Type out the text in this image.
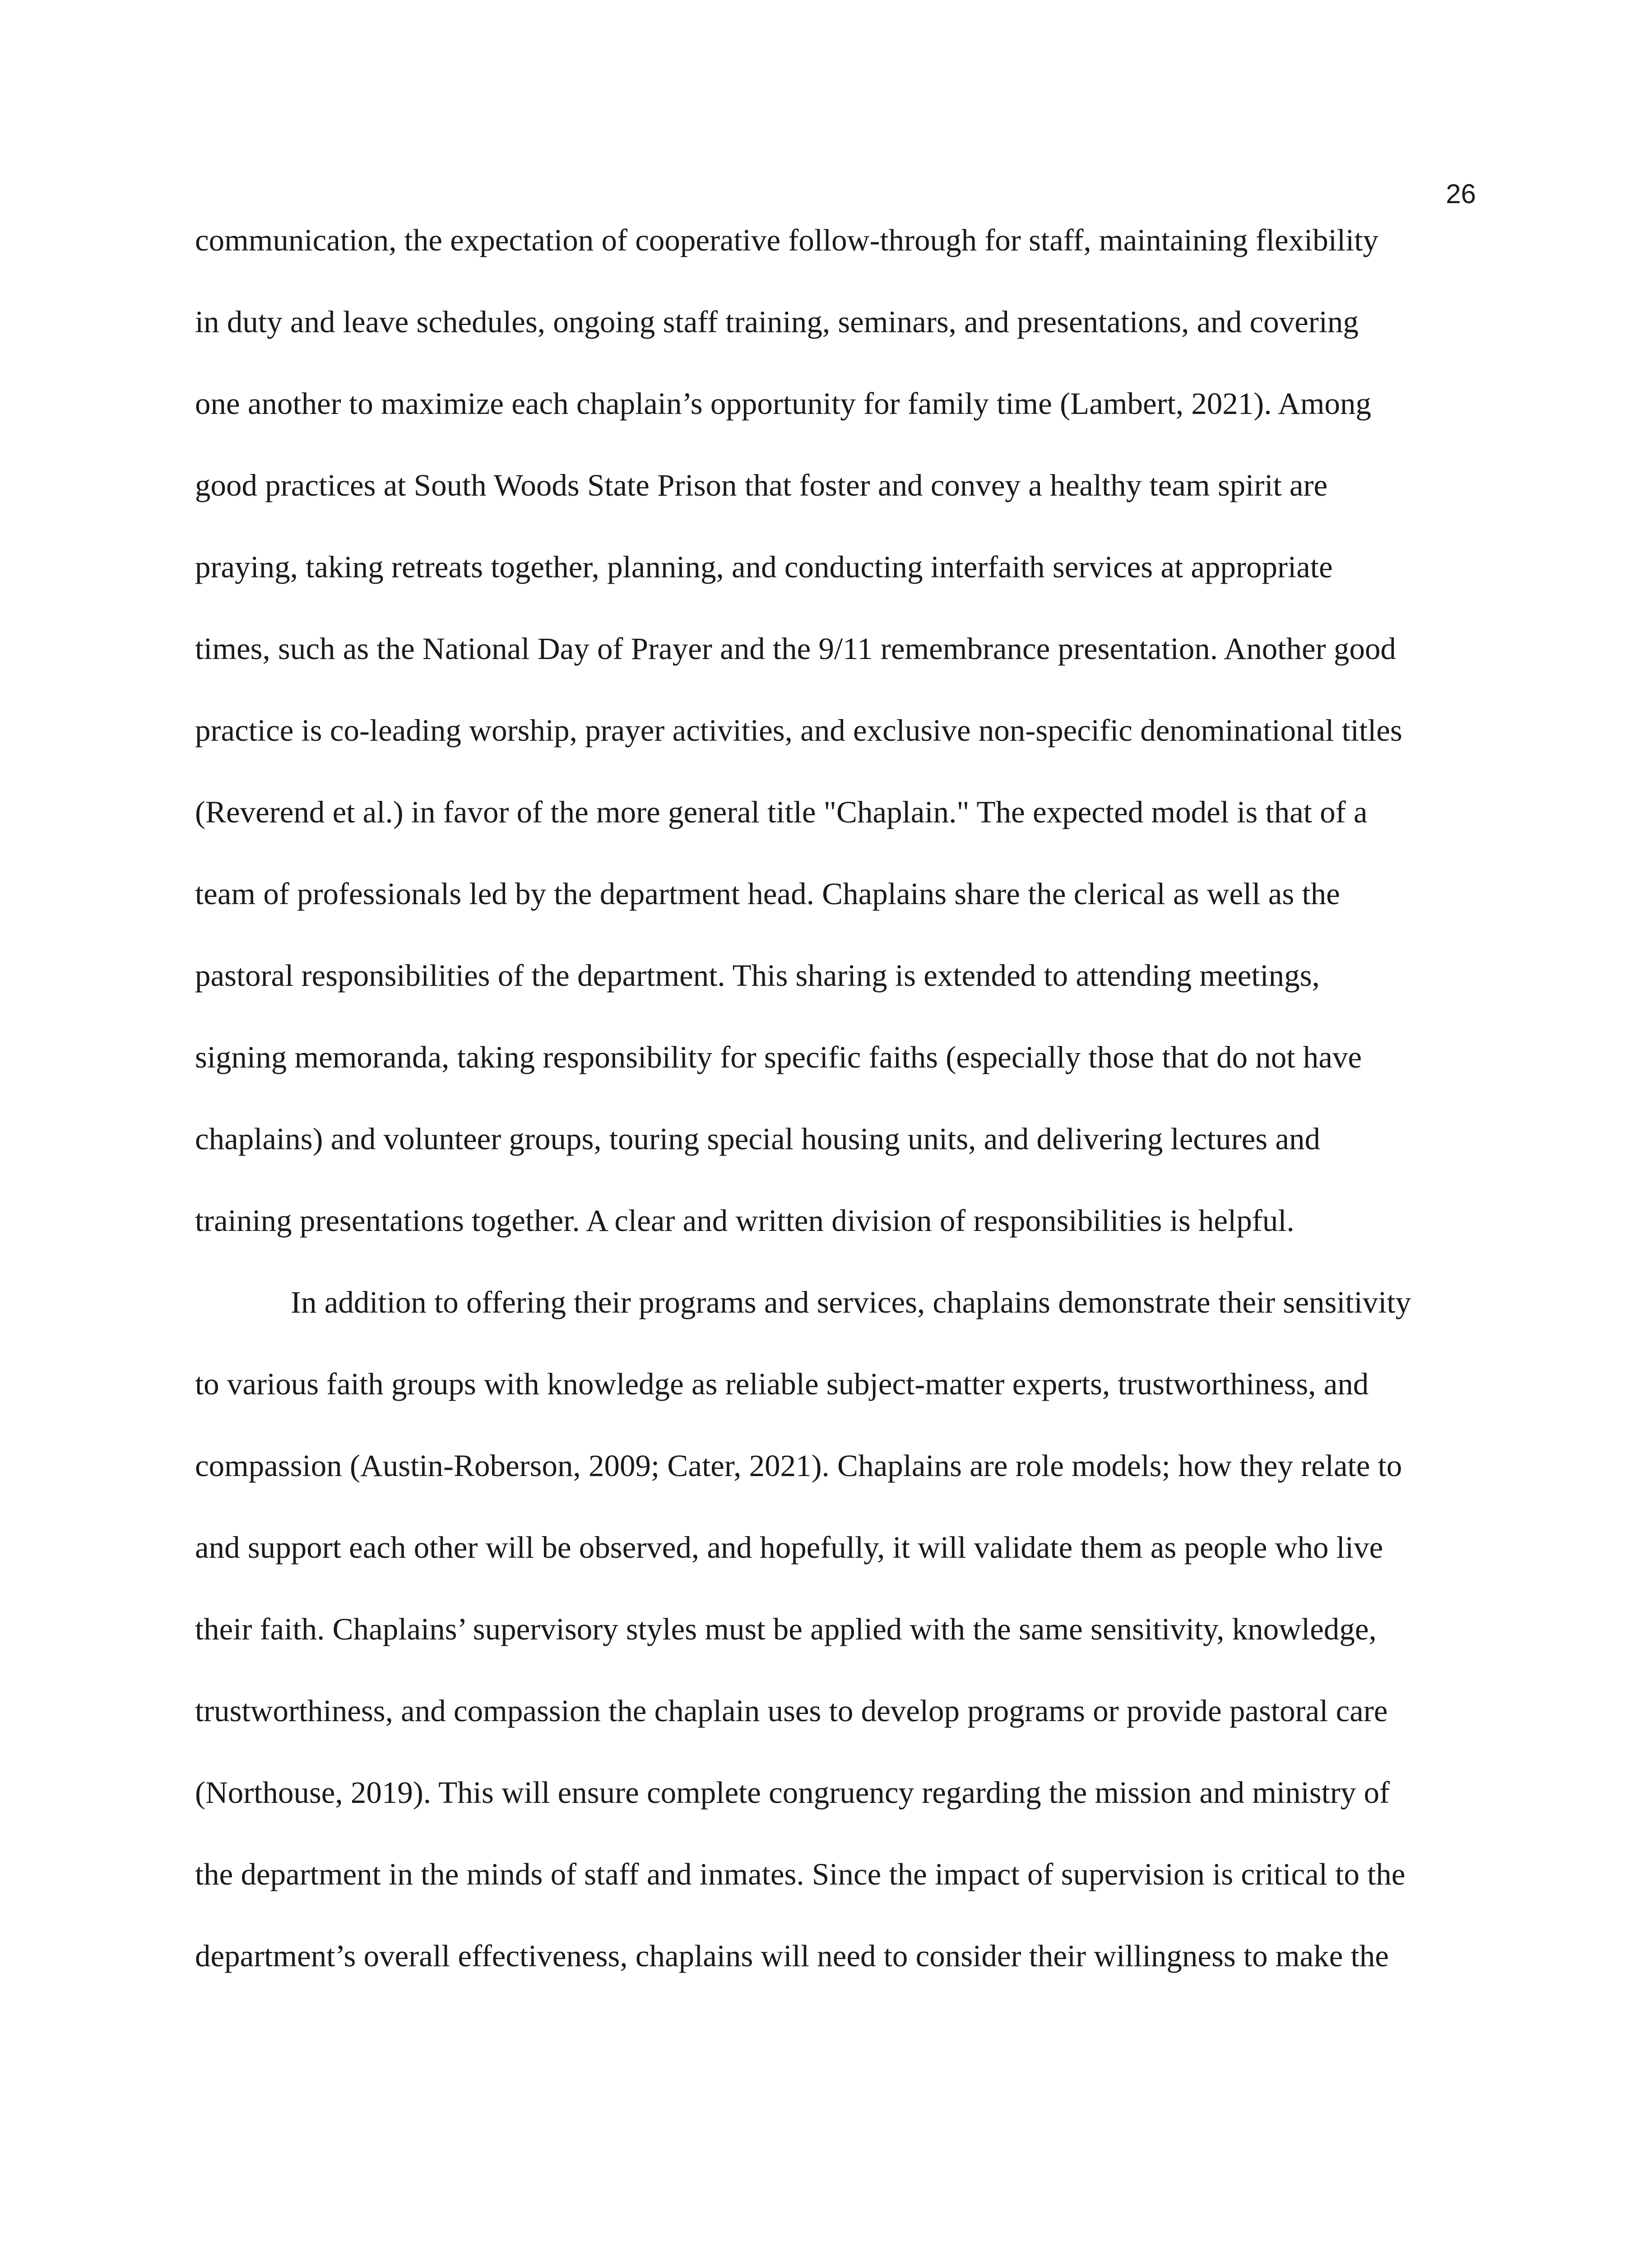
26
communication, the expectation of cooperative follow-through for staff, maintaining flexibility
in duty and leave schedules, ongoing staff training, seminars, and presentations, and covering
one another to maximize each chaplain’s opportunity for family time (Lambert, 2021). Among
good practices at South Woods State Prison that foster and convey a healthy team spirit are
praying, taking retreats together, planning, and conducting interfaith services at appropriate
times, such as the National Day of Prayer and the 9/11 remembrance presentation. Another good
practice is co-leading worship, prayer activities, and exclusive non-specific denominational titles
(Reverend et al.) in favor of the more general title "Chaplain." The expected model is that of a
team of professionals led by the department head. Chaplains share the clerical as well as the
pastoral responsibilities of the department. This sharing is extended to attending meetings,
signing memoranda, taking responsibility for specific faiths (especially those that do not have
chaplains) and volunteer groups, touring special housing units, and delivering lectures and
training presentations together. A clear and written division of responsibilities is helpful.
In addition to offering their programs and services, chaplains demonstrate their sensitivity
to various faith groups with knowledge as reliable subject-matter experts, trustworthiness, and
compassion (Austin-Roberson, 2009; Cater, 2021). Chaplains are role models; how they relate to
and support each other will be observed, and hopefully, it will validate them as people who live
their faith. Chaplains’ supervisory styles must be applied with the same sensitivity, knowledge,
trustworthiness, and compassion the chaplain uses to develop programs or provide pastoral care
(Northouse, 2019). This will ensure complete congruency regarding the mission and ministry of
the department in the minds of staff and inmates. Since the impact of supervision is critical to the
department’s overall effectiveness, chaplains will need to consider their willingness to make the
